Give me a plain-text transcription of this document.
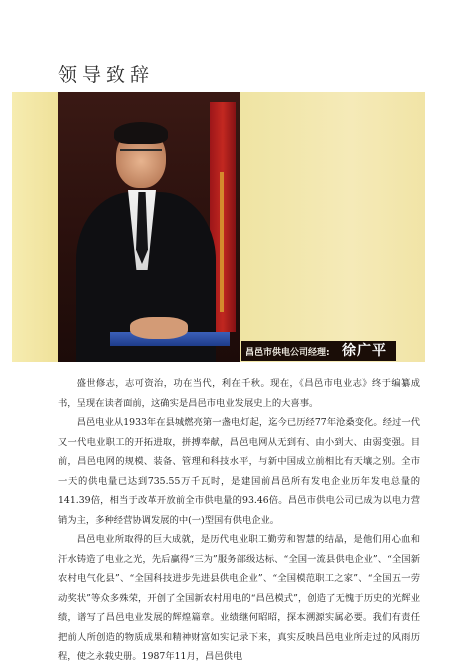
领导致辞
昌邑市供电公司经理: 徐广平

盛世修志，志可资治，功在当代，利在千秋。现在，《昌邑市电业志》终于编纂成书，呈现在读者面前，这确实是昌邑市电业发展史上的大喜事。

昌邑电业从1933年在县城燃亮第一盏电灯起，迄今已历经77年沧桑变化。经过一代又一代电业职工的开拓进取，拼搏奉献，昌邑电网从无到有、由小到大、由弱变强。目前，昌邑电网的规模、装备、管理和科技水平，与新中国成立前相比有天壤之别。全市一天的供电量已达到735.55万千瓦时，是建国前昌邑所有发电企业历年发电总量的141.39倍，相当于改革开放前全市供电量的93.46倍。昌邑市供电公司已成为以电力营销为主，多种经营协调发展的中(一)型国有供电企业。

昌邑电业所取得的巨大成就，是历代电业职工勤劳和智慧的结晶，是他们用心血和汗水铸造了电业之光，先后赢得“三为”服务部级达标、“全国一流县供电企业”、“全国新农村电气化县”、“全国科技进步先进县供电企业”、“全国模范职工之家”、“全国五一劳动奖状”等众多殊荣，开创了全国新农村用电的“昌邑模式”，创造了无愧于历史的光辉业绩，谱写了昌邑电业发展的辉煌篇章。业绩继何昭昭，探本溯源实属必要。我们有责任把前人所创造的物质成果和精神财富如实记录下来，真实反映昌邑电业所走过的风雨历程，使之永载史册。1987年11月，昌邑供电
